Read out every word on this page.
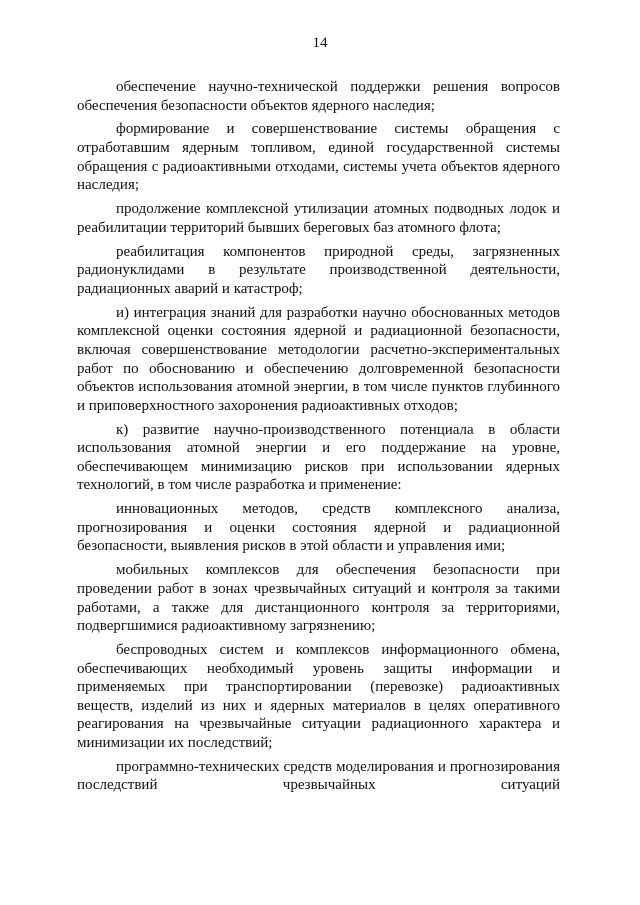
14

обеспечение научно-технической поддержки решения вопросов обеспечения безопасности объектов ядерного наследия;

формирование и совершенствование системы обращения с отработавшим ядерным топливом, единой государственной системы обращения с радиоактивными отходами, системы учета объектов ядерного наследия;

продолжение комплексной утилизации атомных подводных лодок и реабилитации территорий бывших береговых баз атомного флота;

реабилитация компонентов природной среды, загрязненных радионуклидами в результате производственной деятельности, радиационных аварий и катастроф;

и) интеграция знаний для разработки научно обоснованных методов комплексной оценки состояния ядерной и радиационной безопасности, включая совершенствование методологии расчетно-экспериментальных работ по обоснованию и обеспечению долговременной безопасности объектов использования атомной энергии, в том числе пунктов глубинного и приповерхностного захоронения радиоактивных отходов;

к) развитие научно-производственного потенциала в области использования атомной энергии и его поддержание на уровне, обеспечивающем минимизацию рисков при использовании ядерных технологий, в том числе разработка и применение:

инновационных методов, средств комплексного анализа, прогнозирования и оценки состояния ядерной и радиационной безопасности, выявления рисков в этой области и управления ими;

мобильных комплексов для обеспечения безопасности при проведении работ в зонах чрезвычайных ситуаций и контроля за такими работами, а также для дистанционного контроля за территориями, подвергшимися радиоактивному загрязнению;

беспроводных систем и комплексов информационного обмена, обеспечивающих необходимый уровень защиты информации и применяемых при транспортировании (перевозке) радиоактивных веществ, изделий из них и ядерных материалов в целях оперативного реагирования на чрезвычайные ситуации радиационного характера и минимизации их последствий;

программно-технических средств моделирования и прогнозирования последствий чрезвычайных ситуаций
